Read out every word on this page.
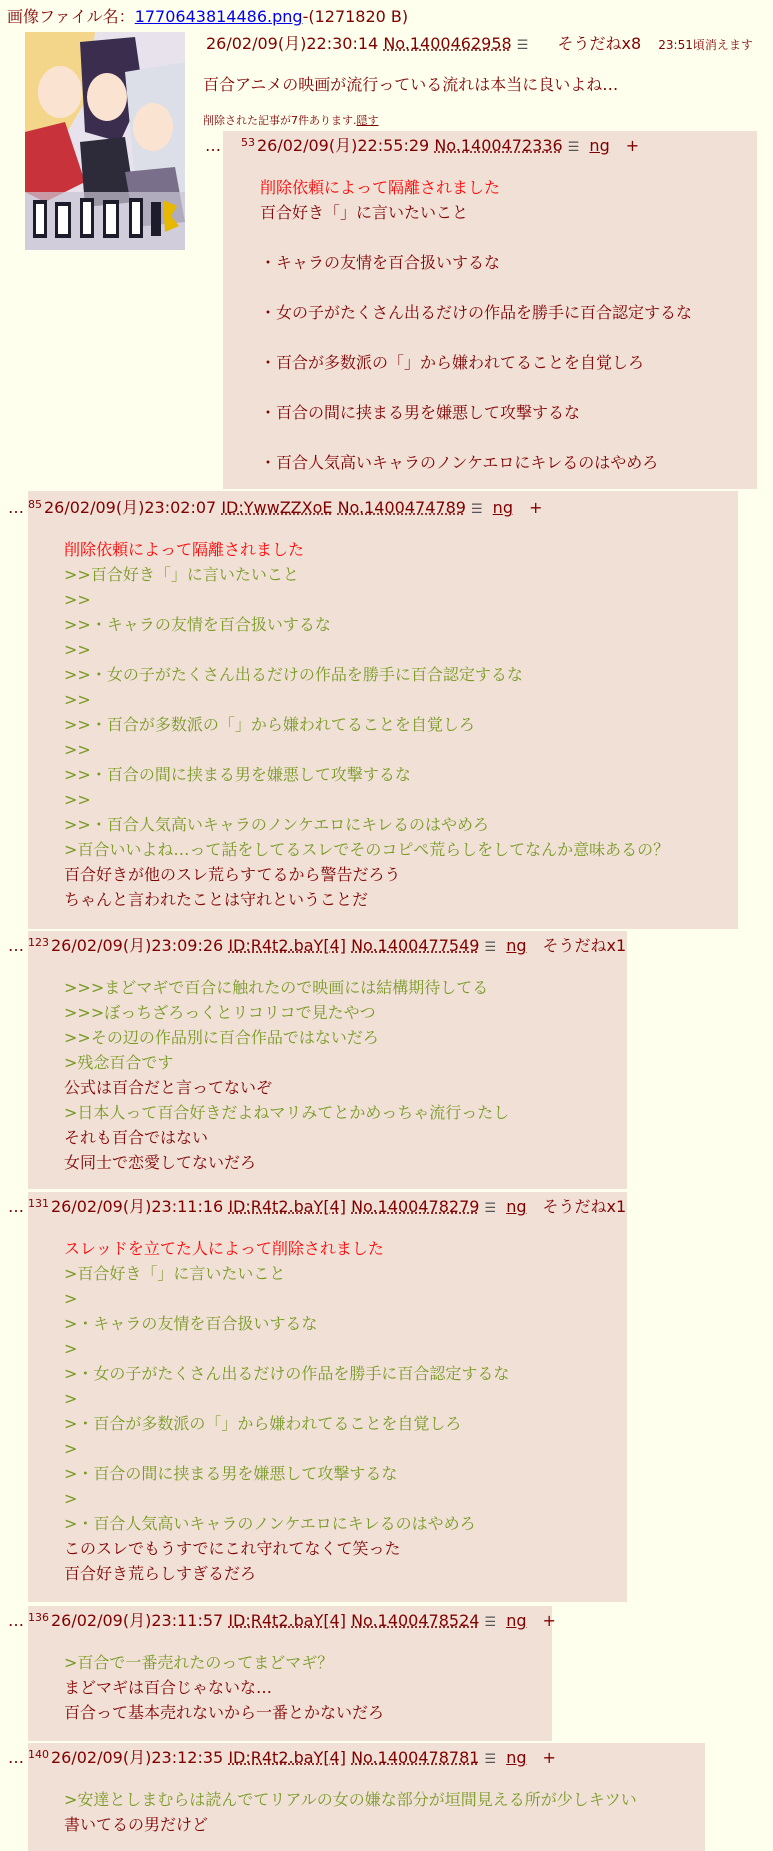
画像ファイル名：1770643814486.png-(1271820 B)
26/02/09(月)22:30:14 No.1400462958 ☰ そうだねx8 23:51頃消えます
百合アニメの映画が流行っている流れは本当に良いよね…
削除された記事が7件あります.隠す
… $^{53}$ 26/02/09(月)22:55:29 No.1400472336 ☰ ng +
削除依頼によって隔離されました
百合好き「」に言いたいこと
・キャラの友情を百合扱いするな
・女の子がたくさん出るだけの作品を勝手に百合認定するな
・百合が多数派の「」から嫌われてることを自覚しろ
・百合の間に挟まる男を嫌悪して攻撃するな
・百合人気高いキャラのノンケエロにキレるのはやめろ
… $^{85}$ 26/02/09(月)23:02:07 ID:YwwZZXoE No.1400474789 ☰ ng +
削除依頼によって隔離されました
>>百合好き「」に言いたいこと
>>
>>・キャラの友情を百合扱いするな
>>
>>・女の子がたくさん出るだけの作品を勝手に百合認定するな
>>
>>・百合が多数派の「」から嫌われてることを自覚しろ
>>
>>・百合の間に挟まる男を嫌悪して攻撃するな
>>
>>・百合人気高いキャラのノンケエロにキレるのはやめろ
>百合いいよね…って話をしてるスレでそのコピペ荒らしをしてなんか意味あるの？
百合好きが他のスレ荒らすてるから警告だろう
ちゃんと言われたことは守れということだ
… $^{123}$ 26/02/09(月)23:09:26 ID:R4t2.baY[4] No.1400477549 ☰ ng そうだねx1
>>>まどマギで百合に触れたので映画には結構期待してる
>>>ぼっちざろっくとリコリコで見たやつ
>>その辺の作品別に百合作品ではないだろ
>残念百合です
公式は百合だと言ってないぞ
>日本人って百合好きだよねマリみてとかめっちゃ流行ったし
それも百合ではない
女同士で恋愛してないだろ
… $^{131}$ 26/02/09(月)23:11:16 ID:R4t2.baY[4] No.1400478279 ☰ ng そうだねx1
スレッドを立てた人によって削除されました
>百合好き「」に言いたいこと
>
>・キャラの友情を百合扱いするな
>
>・女の子がたくさん出るだけの作品を勝手に百合認定するな
>
>・百合が多数派の「」から嫌われてることを自覚しろ
>
>・百合の間に挟まる男を嫌悪して攻撃するな
>
>・百合人気高いキャラのノンケエロにキレるのはやめろ
このスレでもうすでにこれ守れてなくて笑った
百合好き荒らしすぎるだろ
… $^{136}$ 26/02/09(月)23:11:57 ID:R4t2.baY[4] No.1400478524 ☰ ng +
>百合で一番売れたのってまどマギ？
まどマギは百合じゃないな…
百合って基本売れないから一番とかないだろ
… $^{140}$ 26/02/09(月)23:12:35 ID:R4t2.baY[4] No.1400478781 ☰ ng +
>安達としまむらは読んでてリアルの女の嫌な部分が垣間見える所が少しキツい
書いてるの男だけど
